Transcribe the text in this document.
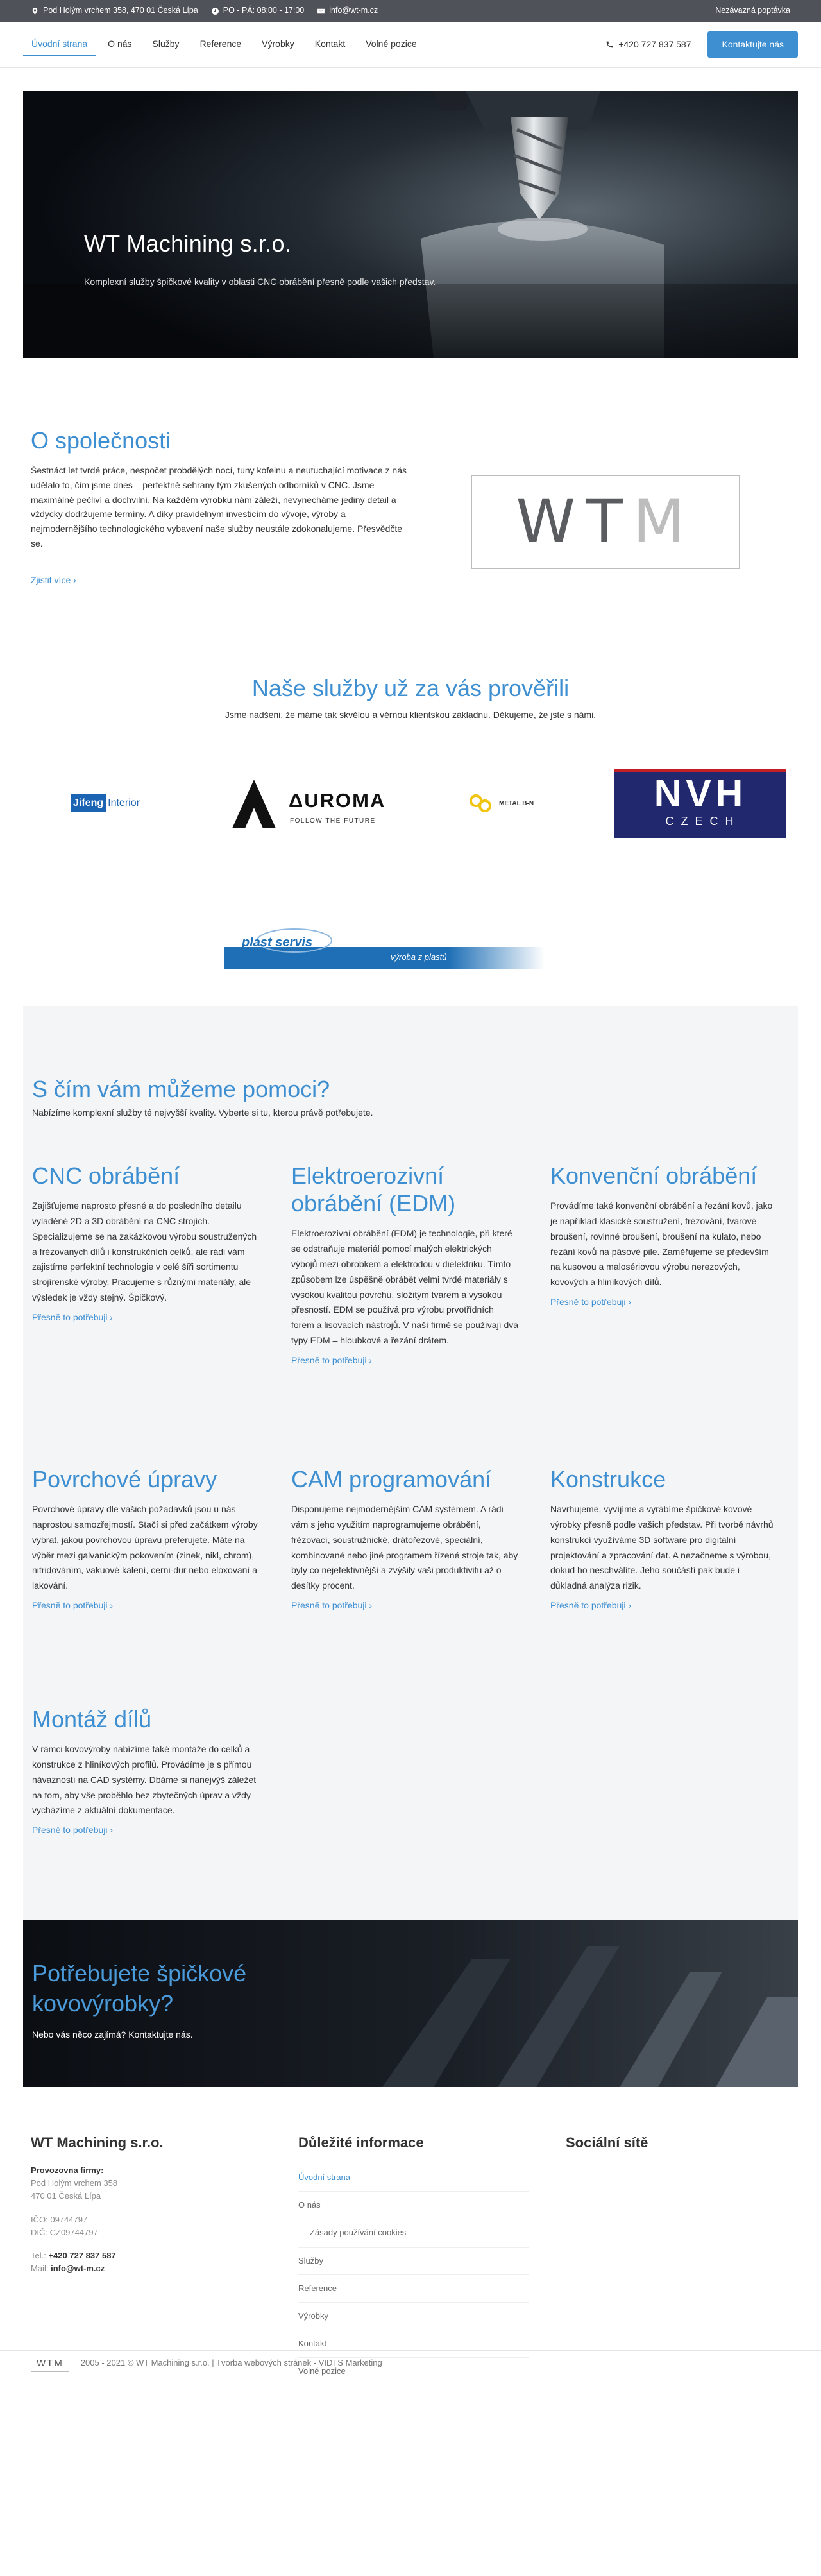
Pod Holým vrchem 358, 470 01 Česká Lípa	PO - PÁ: 08:00 - 17:00	info@wt-m.cz	Nezávazná poptávka
Úvodní strana	O nás	Služby	Reference	Výrobky	Kontakt	Volné pozice	+420 727 837 587	Kontaktujte nás
WT Machining s.r.o.

Komplexní služby špičkové kvality v oblasti CNC obrábění přesně podle vašich představ.

O společnosti

Šestnáct let tvrdé práce, nespočet probdělých nocí, tuny kofeinu a neutuchající motivace z nás udělalo to, čím jsme dnes – perfektně sehraný tým zkušených odborníků v CNC. Jsme maximálně pečliví a dochvilní. Na každém výrobku nám záleží, nevynecháme jediný detail a vždycky dodržujeme termíny. A díky pravidelným investicím do vývoje, výroby a nejmodernějšího technologického vybavení naše služby neustále zdokonalujeme. Přesvědčte se.

Zjistit více ›
WTM
Naše služby už za vás prověřili

Jsme nadšeni, že máme tak skvělou a věrnou klientskou základnu. Děkujeme, že jste s námi.

Jifeng Interior	ΔUROMA
FOLLOW THE FUTURE
METAL B-N	NVH
C Z E C H
plast servis
výroba z plastů
S čím vám můžeme pomoci?

Nabízíme komplexní služby té nejvyšší kvality. Vyberte si tu, kterou právě potřebujete.

CNC obrábění

Zajišťujeme naprosto přesné a do posledního detailu vyladěné 2D a 3D obrábění na CNC strojích. Specializujeme se na zakázkovou výrobu soustružených a frézovaných dílů i konstrukčních celků, ale rádi vám zajistíme perfektní technologie v celé šíři sortimentu strojírenské výroby. Pracujeme s různými materiály, ale výsledek je vždy stejný. Špičkový.

Přesně to potřebuji ›
Elektroerozivní obrábění (EDM)

Elektroerozivní obrábění (EDM) je technologie, při které se odstraňuje materiál pomocí malých elektrických výbojů mezi obrobkem a elektrodou v dielektriku. Tímto způsobem lze úspěšně obrábět velmi tvrdé materiály s vysokou kvalitou povrchu, složitým tvarem a vysokou přesností. EDM se používá pro výrobu prvotřídních forem a lisovacích nástrojů. V naší firmě se používají dva typy EDM – hloubkové a řezání drátem.

Přesně to potřebuji ›
Konvenční obrábění

Provádíme také konvenční obrábění a řezání kovů, jako je například klasické soustružení, frézování, tvarové broušení, rovinné broušení, broušení na kulato, nebo řezání kovů na pásové pile. Zaměřujeme se především na kusovou a malosériovou výrobu nerezových, kovových a hliníkových dílů.

Přesně to potřebuji ›
Povrchové úpravy

Povrchové úpravy dle vašich požadavků jsou u nás naprostou samozřejmostí. Stačí si před začátkem výroby vybrat, jakou povrchovou úpravu preferujete. Máte na výběr mezi galvanickým pokovením (zinek, nikl, chrom), nitridováním, vakuové kalení, cerni-dur nebo eloxovaní a lakování.

Přesně to potřebuji ›
CAM programování

Disponujeme nejmodernějším CAM systémem. A rádi vám s jeho využitím naprogramujeme obrábění, frézovací, soustružnické, drátořezové, speciální, kombinované nebo jiné programem řízené stroje tak, aby byly co nejefektivnější a zvýšily vaši produktivitu až o desítky procent.

Přesně to potřebuji ›
Konstrukce

Navrhujeme, vyvíjíme a vyrábíme špičkové kovové výrobky přesně podle vašich představ. Při tvorbě návrhů konstrukcí využíváme 3D software pro digitální projektování a zpracování dat. A nezačneme s výrobou, dokud ho neschválíte. Jeho součástí pak bude i důkladná analýza rizik.

Přesně to potřebuji ›
Montáž dílů

V rámci kovovýroby nabízíme také montáže do celků a konstrukce z hliníkových profilů. Provádíme je s přímou návazností na CAD systémy. Dbáme si nanejvýš záležet na tom, aby vše proběhlo bez zbytečných úprav a vždy vycházíme z aktuální dokumentace.

Přesně to potřebuji ›
Potřebujete špičkové kovovýrobky?

Nebo vás něco zajímá? Kontaktujte nás.

WT Machining s.r.o.
Provozovna firmy:
Pod Holým vrchem 358
470 01 Česká Lípa
IČO: 09744797
DIČ: CZ09744797
Tel.: +420 727 837 587
Mail: info@wt-m.cz
Důležité informace
Úvodní strana
O nás
Zásady používání cookies
Služby
Reference
Výrobky
Kontakt
Volné pozice
Sociální sítě
WTM	2005 - 2021 © WT Machining s.r.o. | Tvorba webových stránek - VIDTS Marketing
